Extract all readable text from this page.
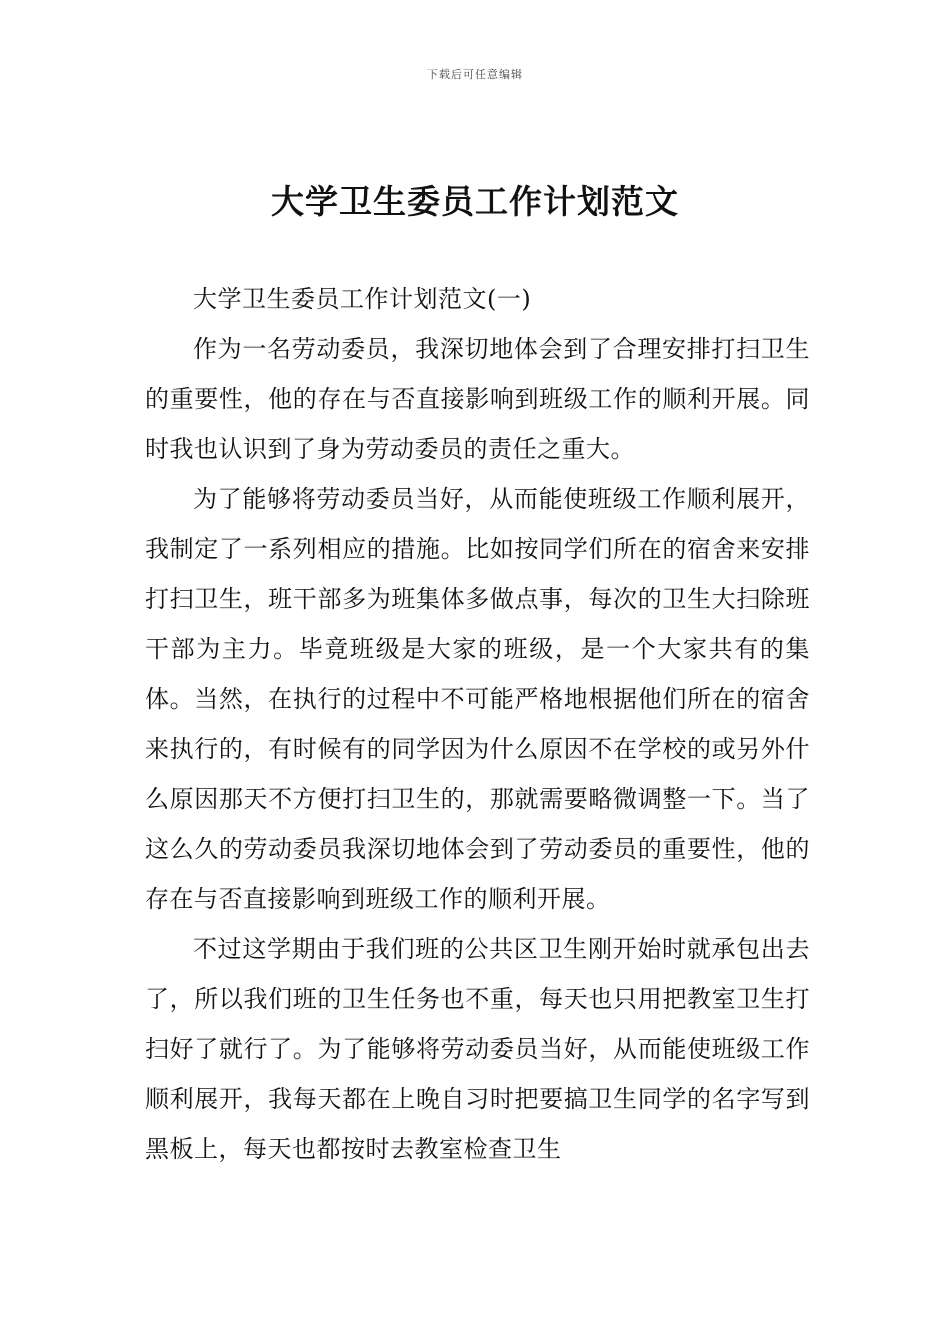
下载后可任意编辑
大学卫生委员工作计划范文

大学卫生委员工作计划范文(一)

作为一名劳动委员，我深切地体会到了合理安排打扫卫生的重要性，他的存在与否直接影响到班级工作的顺利开展。同时我也认识到了身为劳动委员的责任之重大。

为了能够将劳动委员当好，从而能使班级工作顺利展开，我制定了一系列相应的措施。比如按同学们所在的宿舍来安排打扫卫生，班干部多为班集体多做点事，每次的卫生大扫除班干部为主力。毕竟班级是大家的班级，是一个大家共有的集体。当然，在执行的过程中不可能严格地根据他们所在的宿舍来执行的，有时候有的同学因为什么原因不在学校的或另外什么原因那天不方便打扫卫生的，那就需要略微调整一下。当了这么久的劳动委员我深切地体会到了劳动委员的重要性，他的存在与否直接影响到班级工作的顺利开展。

不过这学期由于我们班的公共区卫生刚开始时就承包出去了，所以我们班的卫生任务也不重，每天也只用把教室卫生打扫好了就行了。为了能够将劳动委员当好，从而能使班级工作顺利展开，我每天都在上晚自习时把要搞卫生同学的名字写到黑板上，每天也都按时去教室检查卫生
